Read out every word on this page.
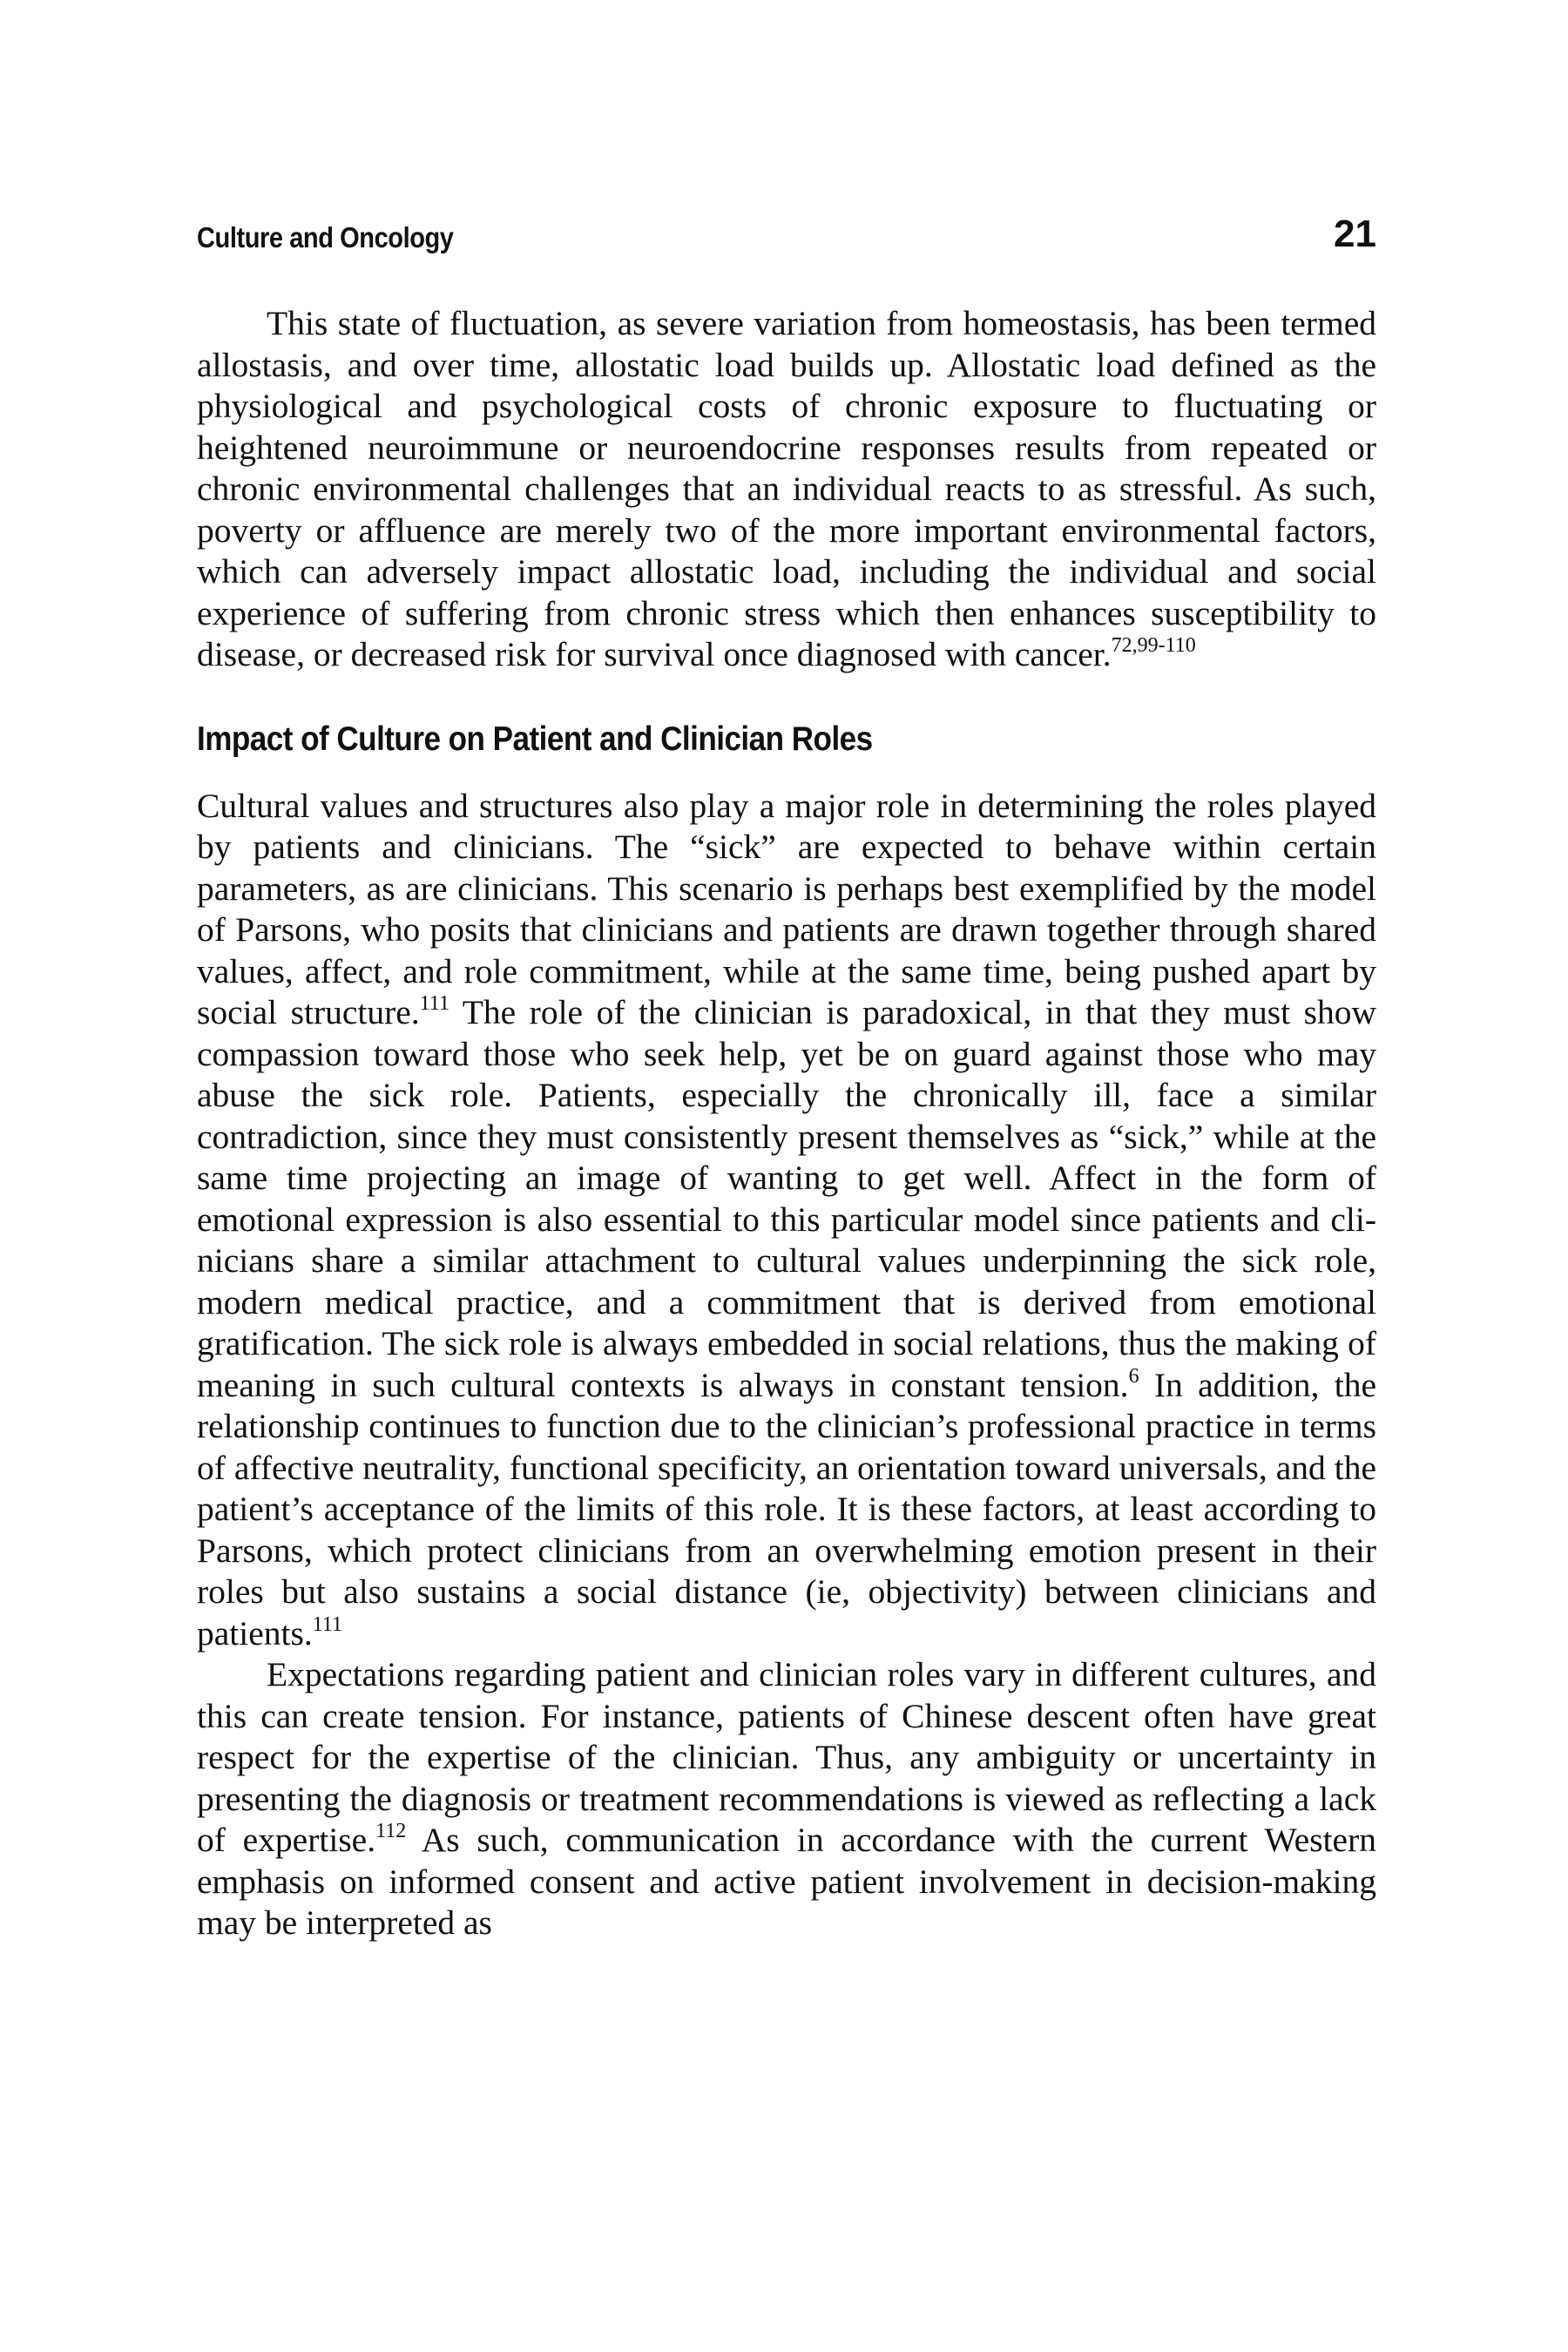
Culture and Oncology	21

This state of fluctuation, as severe variation from homeostasis, has been termed allostasis, and over time, allostatic load builds up. Allostatic load defined as the physiological and psychological costs of chronic exposure to fluctuating or heightened neuroimmune or neuroendocrine responses results from repeated or chronic environmental challenges that an individual reacts to as stressful. As such, poverty or affluence are merely two of the more important environmental factors, which can adversely impact allostatic load, including the individual and social experience of suffering from chronic stress which then enhances susceptibility to disease, or decreased risk for survival once diagnosed with cancer.$^{72,99-110}$

Impact of Culture on Patient and Clinician Roles

Cultural values and structures also play a major role in determining the roles played by patients and clinicians. The “sick” are expected to behave within certain parameters, as are clinicians. This scenario is perhaps best exemplified by the model of Parsons, who posits that clinicians and patients are drawn together through shared values, affect, and role commitment, while at the same time, being pushed apart by social structure.$^{111}$ The role of the clinician is paradoxical, in that they must show compassion toward those who seek help, yet be on guard against those who may abuse the sick role. Patients, especially the chronically ill, face a similar contradiction, since they must consistently present themselves as “sick,” while at the same time projecting an image of wanting to get well. Affect in the form of emotional expression is also essential to this particular model since patients and clinicians share a similar attachment to cultural values underpinning the sick role, modern medical practice, and a commitment that is derived from emotional gratification. The sick role is always embedded in social relations, thus the making of meaning in such cultural contexts is always in constant tension.$^6$ In addition, the relationship continues to function due to the clinician’s professional practice in terms of affective neutrality, functional specificity, an orientation toward universals, and the patient’s acceptance of the limits of this role. It is these factors, at least according to Parsons, which protect clinicians from an overwhelming emotion present in their roles but also sustains a social distance (ie, objectivity) between clinicians and patients.$^{111}$

Expectations regarding patient and clinician roles vary in different cultures, and this can create tension. For instance, patients of Chinese descent often have great respect for the expertise of the clinician. Thus, any ambiguity or uncertainty in presenting the diagnosis or treatment recommendations is viewed as reflecting a lack of expertise.$^{112}$ As such, communication in accordance with the current Western emphasis on informed consent and active patient involvement in decision-making may be interpreted as
